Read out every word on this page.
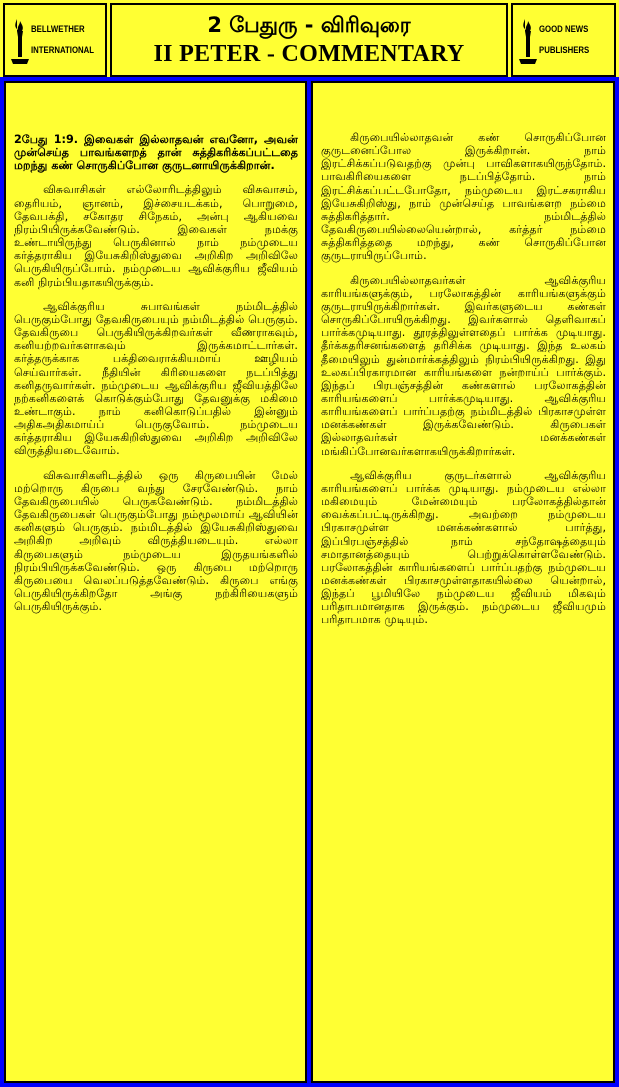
BELLWETHER
INTERNATIONAL
2 பேதுரு - விரிவுரை
II PETER - COMMENTARY
GOOD NEWS
PUBLISHERS

2பேது 1:9. இவைகள் இல்லாதவன் எவனோ, அவன் முன்செய்த பாவங்களறத் தான் சுத்திகரிக்கப்பட்டதை மறந்து கண் சொருகிப்போன குருடனாயிருக்கிறான்.

விசுவாசிகள் எல்லோரிடத்திலும் விசுவாசம், தைரியம், ஞானம், இச்சையடக்கம், பொறுமை, தேவபக்தி, சகோதர சிநேகம், அன்பு ஆகியவை நிரம்பியிருக்கவேண்டும். இவைகள் நமக்கு உண்டாயிருந்து பெருகினால் நாம் நம்முடைய கர்த்தராகிய இயேசுகிறிஸ்துவை அறிகிற அறிவிலே பெருகியிருப்போம். நம்முடைய ஆவிக்குரிய ஜீவியம் கனி நிரம்பியதாகயிருக்கும்.

ஆவிக்குரிய சுபாவங்கள் நம்மிடத்தில் பெருகும்போது தேவகிருபையும் நம்மிடத்தில் பெருகும். தேவகிருபை பெருகியிருக்கிறவர்கள் வீணராகவும், கனியற்றவர்களாகவும் இருக்கமாட்டார்கள். கர்த்தருக்காக பக்திவைராக்கியமாய் ஊழியம் செய்வார்கள். நீதியின் கிரியைகளை நடப்பித்து கனிதருவார்கள். நம்முடைய ஆவிக்குரிய ஜீவியத்திலே நற்கனிகளைக் கொடுக்கும்போது தேவனுக்கு மகிமை உண்டாகும். நாம் கனிகொடுப்பதில் இன்னும் அதிகஅதிகமாய்ப் பெருகுவோம். நம்முடைய கர்த்தராகிய இயேசுகிறிஸ்துவை அறிகிற அறிவிலே விருத்தியடைவோம்.

விசுவாசிகளிடத்தில் ஒரு கிருபையின் மேல் மற்றொரு கிருபை வந்து சேரவேண்டும். நாம் தேவகிருபையில் பெருகவேண்டும். நம்மிடத்தில் தேவகிருபைகள் பெருகும்போது நம்மூலமாய் ஆவியின் கனிகளும் பெருகும். நம்மிடத்தில் இயேசுகிறிஸ்துவை அறிகிற அறிவும் விருத்தியடையும். எல்லா கிருபைகளும் நம்முடைய இருதயங்களில் நிரம்பியிருக்கவேண்டும். ஒரு கிருபை மற்றொரு கிருபையை வெலப்படுத்தவேண்டும். கிருபை எங்கு பெருகியிருக்கிறதோ அங்கு நற்கிரியைகளும் பெருகியிருக்கும்.

கிருபையில்லாதவன் கண் சொருகிப்போன குருடனைப்போல இருக்கிறான். நாம் இரட்சிக்கப்படுவதற்கு முன்பு பாவிகளாகயிருந்தோம். பாவகிரியைகளை நடப்பித்தோம். நாம் இரட்சிக்கப்பட்டபோதோ, நம்முடைய இரட்சகராகிய இயேசுகிறிஸ்து, நாம் முன்செய்த பாவங்களற நம்மை சுத்திகரித்தார். நம்மிடத்தில் தேவகிருபையில்லையென்றால், கர்த்தர் நம்மை சுத்திகரித்ததை மறந்து, கண் சொருகிப்போன குருடராயிருப்போம்.

கிருபையில்லாதவர்கள் ஆவிக்குரிய காரியங்களுக்கும், பரலோகத்தின் காரியங்களுக்கும் குருடராயிருக்கிறார்கள். இவர்களுடைய கண்கள் சொருகிப்போயிருக்கிறது. இவர்களால் தெளிவாகப் பார்க்கமுடியாது. தூரத்திலுள்ளதைப் பார்க்க முடியாது. தீர்க்கதரிசனங்களைத் தரிசிக்க முடியாது. இந்த உலகம் தீமையிலும் துன்மார்க்கத்திலும் நிரம்பியிருக்கிறது. இது உலகப்பிரகாரமான காரியங்களை நன்றாய்ப் பார்க்கும். இந்தப் பிரபஞ்சத்தின் கண்களால் பரலோகத்தின் காரியங்களைப் பார்க்கமுடியாது. ஆவிக்குரிய காரியங்களைப் பார்ப்பதற்கு நம்மிடத்தில் பிரகாசமுள்ள மனக்கண்கள் இருக்கவேண்டும். கிருபைகள் இல்லாதவர்கள் மனக்கண்கள் மங்கிப்போனவர்களாகயிருக்கிறார்கள்.

ஆவிக்குரிய குருடர்களால் ஆவிக்குரிய காரியங்களைப் பார்க்க முடியாது. நம்முடைய எல்லா மகிமையும் மேன்மையும் பரலோகத்தில்தான் வைக்கப்பட்டிருக்கிறது. அவற்றை நம்முடைய பிரகாசமுள்ள மனக்கண்களால் பார்த்து, இப்பிரபஞ்சத்தில் நாம் சந்தோஷத்தையும் சமாதானத்தையும் பெற்றுக்கொள்ளவேண்டும். பரலோகத்தின் காரியங்களைப் பார்ப்பதற்கு நம்முடைய மனக்கண்கள் பிரகாசமுள்ளதாகயில்லை யென்றால், இந்தப் பூமியிலே நம்முடைய ஜீவியம் மிகவும் பரிதாபமானதாக இருக்கும். நம்முடைய ஜீவியமும் பரிதாபமாக முடியும்.
